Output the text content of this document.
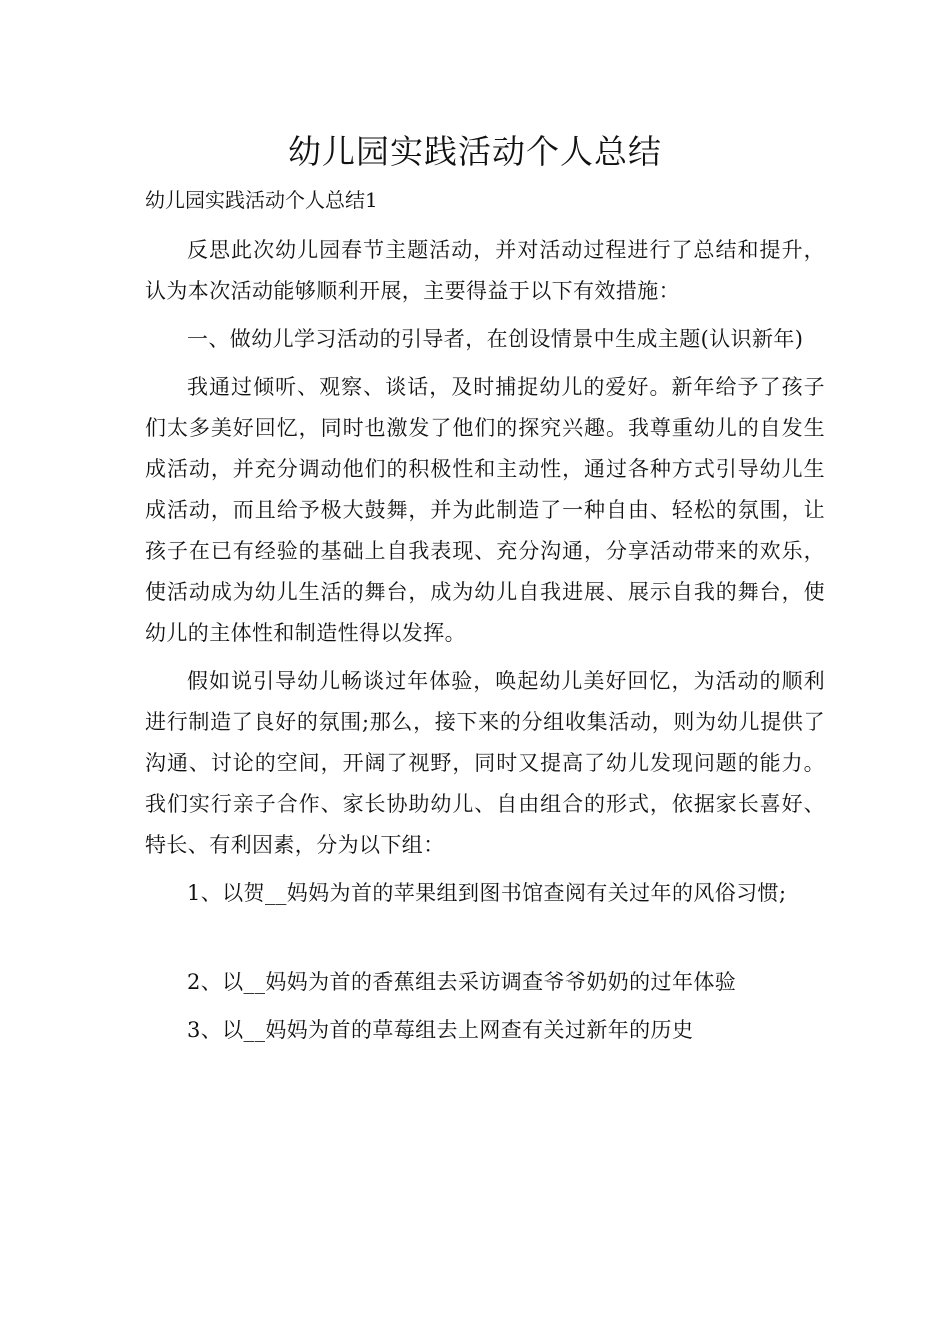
幼儿园实践活动个人总结
幼儿园实践活动个人总结1

反思此次幼儿园春节主题活动，并对活动过程进行了总结和提升，认为本次活动能够顺利开展，主要得益于以下有效措施：

一、做幼儿学习活动的引导者，在创设情景中生成主题(认识新年)

我通过倾听、观察、谈话，及时捕捉幼儿的爱好。新年给予了孩子们太多美好回忆，同时也激发了他们的探究兴趣。我尊重幼儿的自发生成活动，并充分调动他们的积极性和主动性，通过各种方式引导幼儿生成活动，而且给予极大鼓舞，并为此制造了一种自由、轻松的氛围，让孩子在已有经验的基础上自我表现、充分沟通，分享活动带来的欢乐，使活动成为幼儿生活的舞台，成为幼儿自我进展、展示自我的舞台，使幼儿的主体性和制造性得以发挥。

假如说引导幼儿畅谈过年体验，唤起幼儿美好回忆，为活动的顺利进行制造了良好的氛围;那么，接下来的分组收集活动，则为幼儿提供了沟通、讨论的空间，开阔了视野，同时又提高了幼儿发现问题的能力。我们实行亲子合作、家长协助幼儿、自由组合的形式，依据家长喜好、特长、有利因素，分为以下组：

1、以贺__妈妈为首的苹果组到图书馆查阅有关过年的风俗习惯;

2、以__妈妈为首的香蕉组去采访调查爷爷奶奶的过年体验

3、以__妈妈为首的草莓组去上网查有关过新年的历史
